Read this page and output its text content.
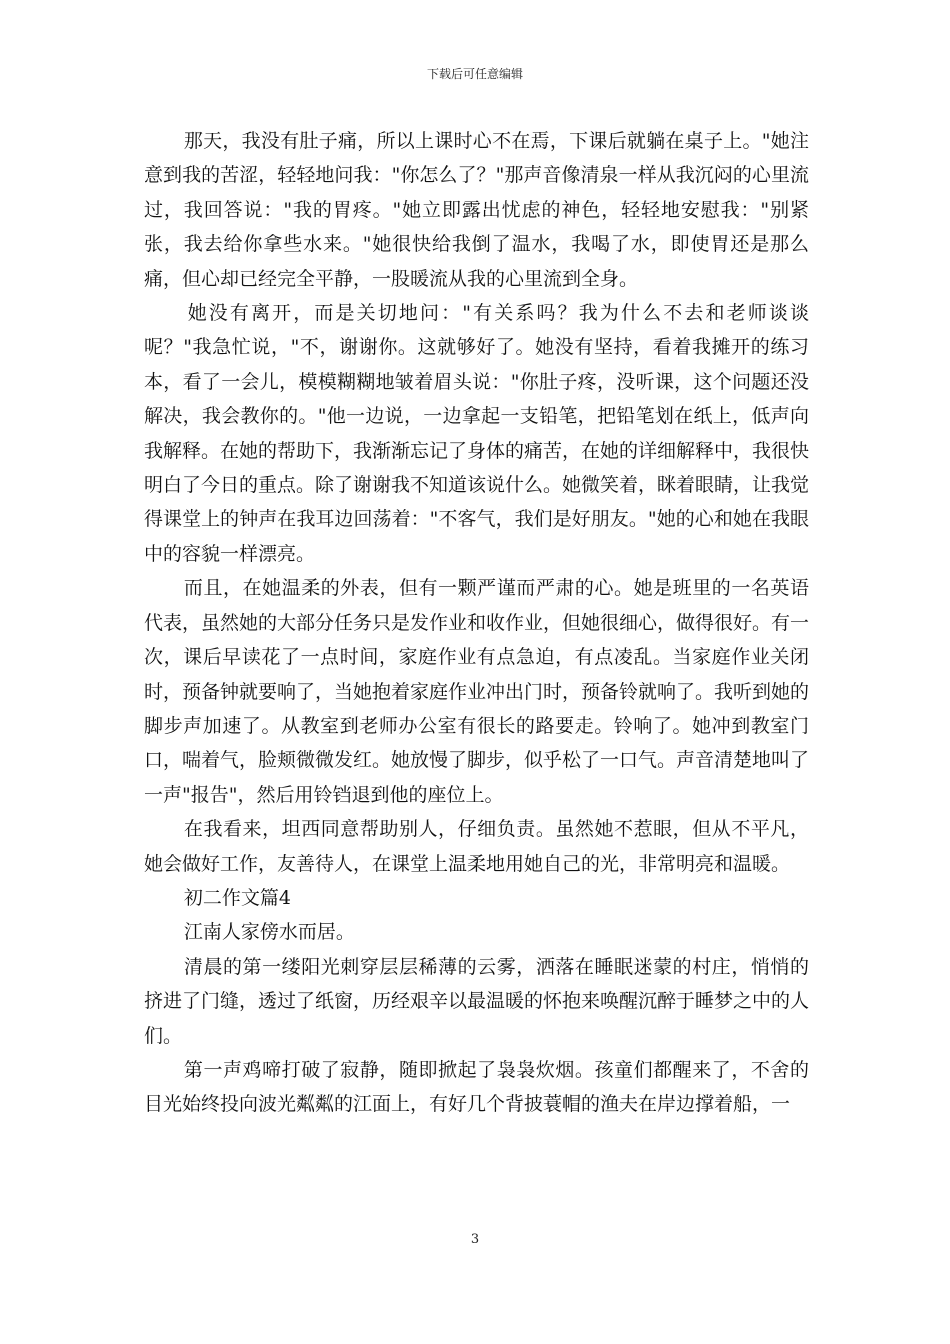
下载后可任意编辑

那天，我没有肚子痛，所以上课时心不在焉，下课后就躺在桌子上。"她注意到我的苦涩，轻轻地问我："你怎么了？"那声音像清泉一样从我沉闷的心里流过，我回答说："我的胃疼。"她立即露出忧虑的神色，轻轻地安慰我："别紧张，我去给你拿些水来。"她很快给我倒了温水，我喝了水，即使胃还是那么痛，但心却已经完全平静，一股暖流从我的心里流到全身。

她没有离开，而是关切地问："有关系吗？我为什么不去和老师谈谈呢？"我急忙说，"不，谢谢你。这就够好了。她没有坚持，看着我摊开的练习本，看了一会儿，模模糊糊地皱着眉头说："你肚子疼，没听课，这个问题还没解决，我会教你的。"他一边说，一边拿起一支铅笔，把铅笔划在纸上，低声向我解释。在她的帮助下，我渐渐忘记了身体的痛苦，在她的详细解释中，我很快明白了今日的重点。除了谢谢我不知道该说什么。她微笑着，眯着眼睛，让我觉得课堂上的钟声在我耳边回荡着："不客气，我们是好朋友。"她的心和她在我眼中的容貌一样漂亮。

而且，在她温柔的外表，但有一颗严谨而严肃的心。她是班里的一名英语代表，虽然她的大部分任务只是发作业和收作业，但她很细心，做得很好。有一次，课后早读花了一点时间，家庭作业有点急迫，有点凌乱。当家庭作业关闭时，预备钟就要响了，当她抱着家庭作业冲出门时，预备铃就响了。我听到她的脚步声加速了。从教室到老师办公室有很长的路要走。铃响了。她冲到教室门口，喘着气，脸颊微微发红。她放慢了脚步，似乎松了一口气。声音清楚地叫了一声"报告"，然后用铃铛退到他的座位上。

在我看来，坦西同意帮助别人，仔细负责。虽然她不惹眼，但从不平凡，她会做好工作，友善待人，在课堂上温柔地用她自己的光，非常明亮和温暖。

初二作文篇4

江南人家傍水而居。

清晨的第一缕阳光刺穿层层稀薄的云雾，洒落在睡眠迷蒙的村庄，悄悄的挤进了门缝，透过了纸窗，历经艰辛以最温暖的怀抱来唤醒沉醉于睡梦之中的人们。

第一声鸡啼打破了寂静，随即掀起了袅袅炊烟。孩童们都醒来了，不舍的目光始终投向波光粼粼的江面上，有好几个背披蓑帽的渔夫在岸边撑着船，一

3
